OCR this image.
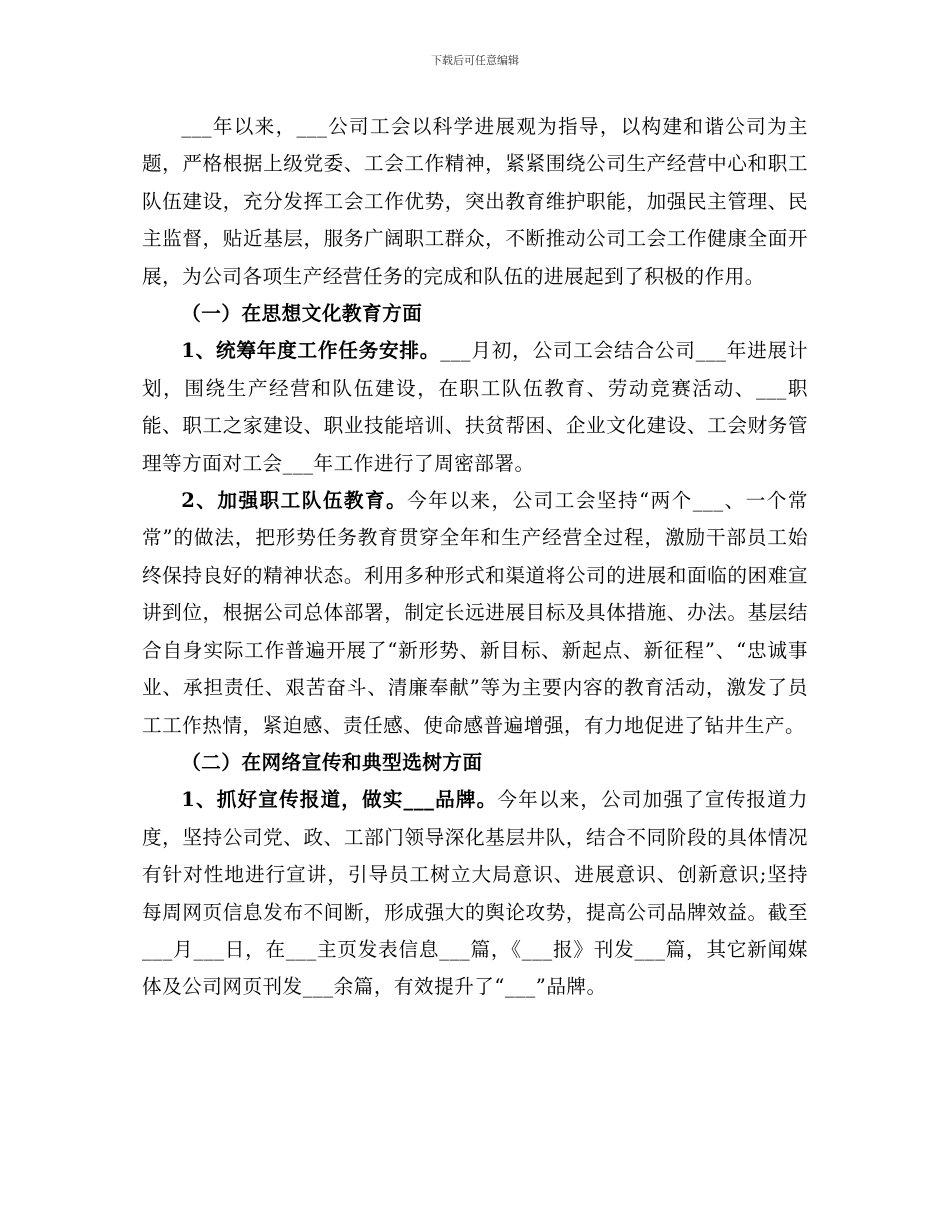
下载后可任意编辑

___年以来，___公司工会以科学进展观为指导，以构建和谐公司为主题，严格根据上级党委、工会工作精神，紧紧围绕公司生产经营中心和职工队伍建设，充分发挥工会工作优势，突出教育维护职能，加强民主管理、民主监督，贴近基层，服务广阔职工群众，不断推动公司工会工作健康全面开展，为公司各项生产经营任务的完成和队伍的进展起到了积极的作用。

（一）在思想文化教育方面

1、统筹年度工作任务安排。___月初，公司工会结合公司___年进展计划，围绕生产经营和队伍建设，在职工队伍教育、劳动竞赛活动、___职能、职工之家建设、职业技能培训、扶贫帮困、企业文化建设、工会财务管理等方面对工会___年工作进行了周密部署。

2、加强职工队伍教育。今年以来，公司工会坚持“两个___、一个常常”的做法，把形势任务教育贯穿全年和生产经营全过程，激励干部员工始终保持良好的精神状态。利用多种形式和渠道将公司的进展和面临的困难宣讲到位，根据公司总体部署，制定长远进展目标及具体措施、办法。基层结合自身实际工作普遍开展了“新形势、新目标、新起点、新征程”、“忠诚事业、承担责任、艰苦奋斗、清廉奉献”等为主要内容的教育活动，激发了员工工作热情，紧迫感、责任感、使命感普遍增强，有力地促进了钻井生产。

（二）在网络宣传和典型选树方面

1、抓好宣传报道，做实___品牌。今年以来，公司加强了宣传报道力度，坚持公司党、政、工部门领导深化基层井队，结合不同阶段的具体情况有针对性地进行宣讲，引导员工树立大局意识、进展意识、创新意识;坚持每周网页信息发布不间断，形成强大的舆论攻势，提高公司品牌效益。截至___月___日，在___主页发表信息___篇，《___报》刊发___篇，其它新闻媒体及公司网页刊发___余篇，有效提升了“___”品牌。
